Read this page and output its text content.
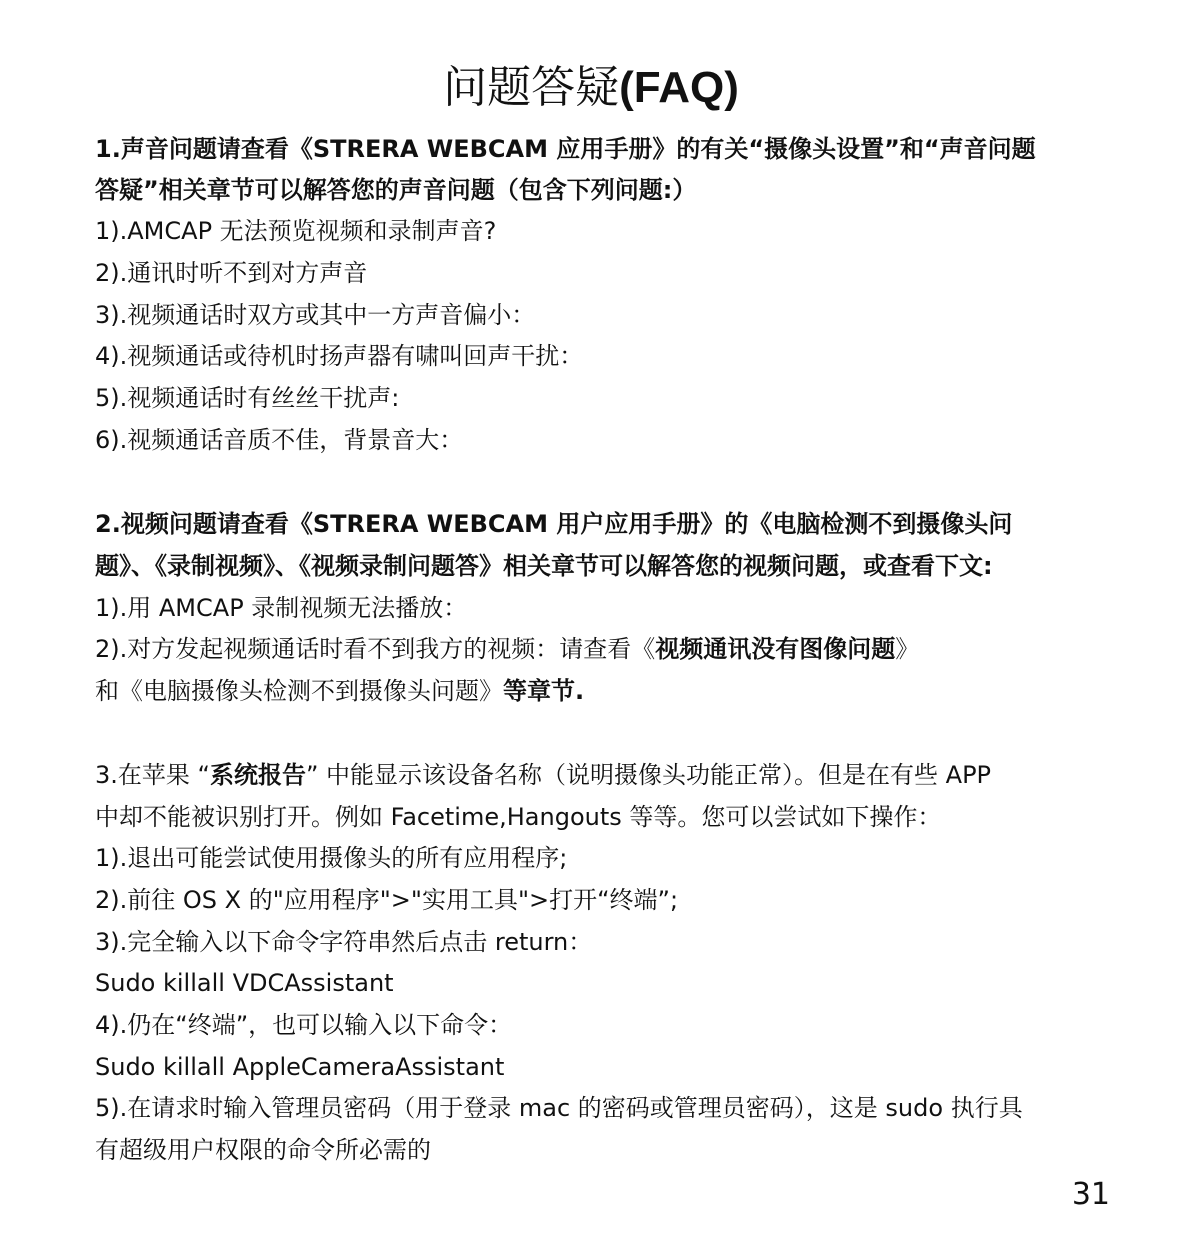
问题答疑(FAQ)
1.声音问题请查看《STRERA WEBCAM 应用手册》的有关“摄像头设置”和“声音问题
答疑”相关章节可以解答您的声音问题（包含下列问题:）
1).AMCAP 无法预览视频和录制声音?
2).通讯时听不到对方声音
3).视频通话时双方或其中一方声音偏小：
4).视频通话或待机时扬声器有啸叫回声干扰：
5).视频通话时有丝丝干扰声:
6).视频通话音质不佳，背景音大：
2.视频问题请查看《STRERA WEBCAM 用户应用手册》的《电脑检测不到摄像头问
题》、《录制视频》、《视频录制问题答》相关章节可以解答您的视频问题，或查看下文:
1).用 AMCAP 录制视频无法播放：
2).对方发起视频通话时看不到我方的视频：请查看《视频通讯没有图像问题》
和《电脑摄像头检测不到摄像头问题》等章节.
3.在苹果 “系统报告” 中能显示该设备名称（说明摄像头功能正常）。但是在有些 APP
中却不能被识别打开。例如 Facetime,Hangouts 等等。您可以尝试如下操作：
1).退出可能尝试使用摄像头的所有应用程序;
2).前往 OS X 的"应用程序">"实用工具">打开“终端”;
3).完全输入以下命令字符串然后点击 return：
Sudo killall VDCAssistant
4).仍在“终端”，也可以输入以下命令：
Sudo killall AppleCameraAssistant
5).在请求时输入管理员密码（用于登录 mac 的密码或管理员密码），这是 sudo 执行具
有超级用户权限的命令所必需的
31
